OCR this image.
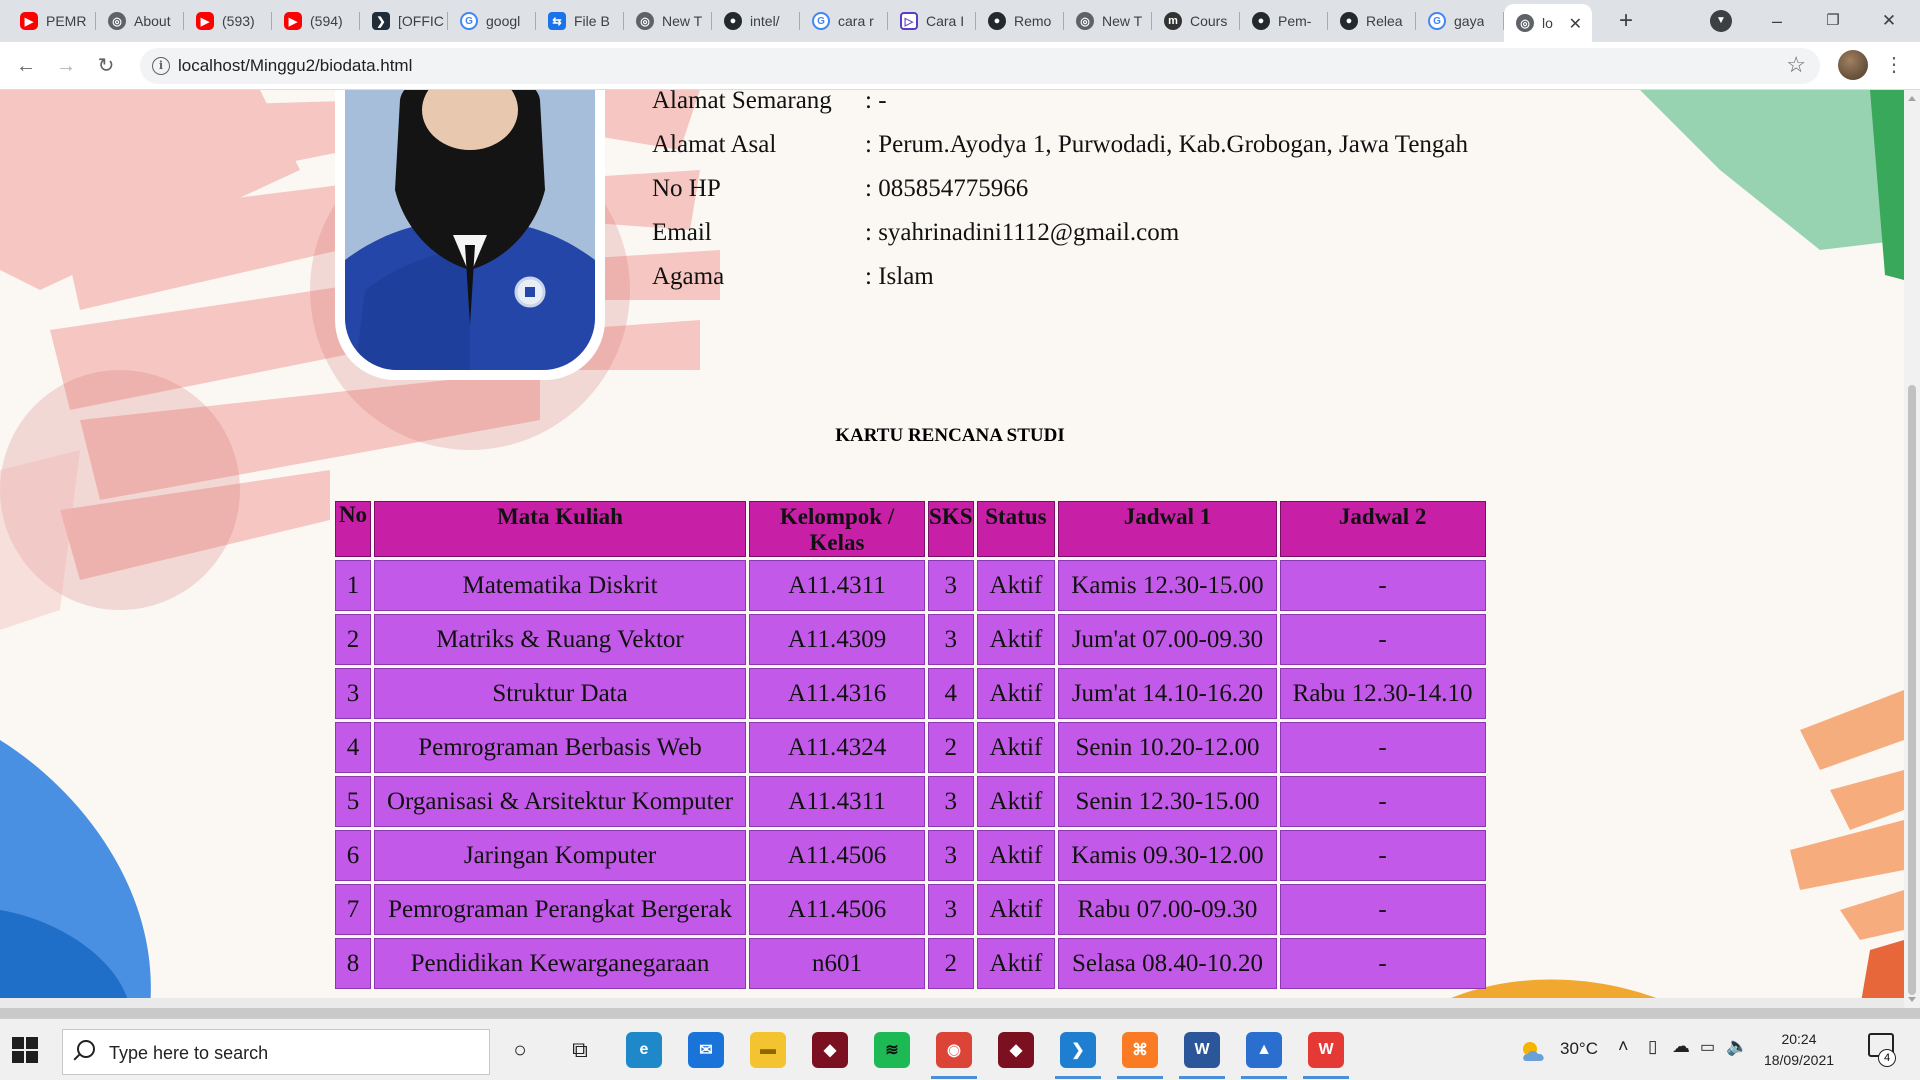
▶ PEMR	◎ About	▶ (593)	▶ (594)	❯ [OFFIC	G googl	⇆ File B	◎ New T	● intel/	G cara r	▷ Cara I	● Remo	◎ New T	m Cours	● Pem-	● Relea	G gaya	◎ lo ✕ +	▼	–	❐	✕
← → ↻	i localhost/Minggu2/biodata.html	☆	⋮
Alamat Semarang : -
Alamat Asal	: Perum.Ayodya 1, Purwodadi, Kab.Grobogan, Jawa Tengah
No HP	: 085854775966
Email	: syahrinadini1112@gmail.com
Agama	: Islam
KARTU RENCANA STUDI
No	Mata Kuliah	Kelompok / Kelas	SKS	Status	Jadwal 1	Jadwal 2
1	Matematika Diskrit	A11.4311	3	Aktif	Kamis 12.30-15.00	-
2	Matriks & Ruang Vektor	A11.4309	3	Aktif	Jum'at 07.00-09.30	-
3	Struktur Data	A11.4316	4	Aktif	Jum'at 14.10-16.20	Rabu 12.30-14.10
4	Pemrograman Berbasis Web	A11.4324	2	Aktif	Senin 10.20-12.00	-
5	Organisasi & Arsitektur Komputer	A11.4311	3	Aktif	Senin 12.30-15.00	-
6	Jaringan Komputer	A11.4506	3	Aktif	Kamis 09.30-12.00	-
7	Pemrograman Perangkat Bergerak	A11.4506	3	Aktif	Rabu 07.00-09.30	-
8	Pendidikan Kewarganegaraan	n601	2	Aktif	Selasa 08.40-10.20	-
Type here to search	○	⧉	e	✉	▬	◆	≋	◉	◆	❯	⌘	W	▲	W	30°C ˄ ▯ ☁ ▭ 🔈	20:24
18/09/2021	4
